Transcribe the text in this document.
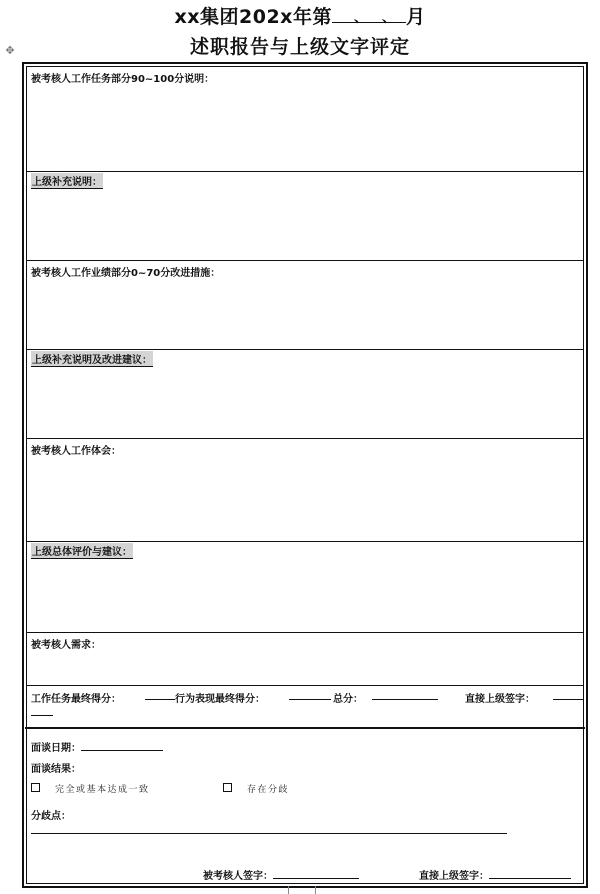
xx集团202x年第 、 、 月
述职报告与上级文字评定
✥
被考核人工作任务部分90~100分说明：
上级补充说明：
被考核人工作业绩部分0~70分改进措施：
上级补充说明及改进建议：
被考核人工作体会：
上级总体评价与建议：
被考核人需求：
工作任务最终得分：	行为表现最终得分：	总分：	直接上级签字：
面谈日期：
面谈结果：
完全或基本达成一致	存在分歧
分歧点：
被考核人签字：	直接上级签字：
